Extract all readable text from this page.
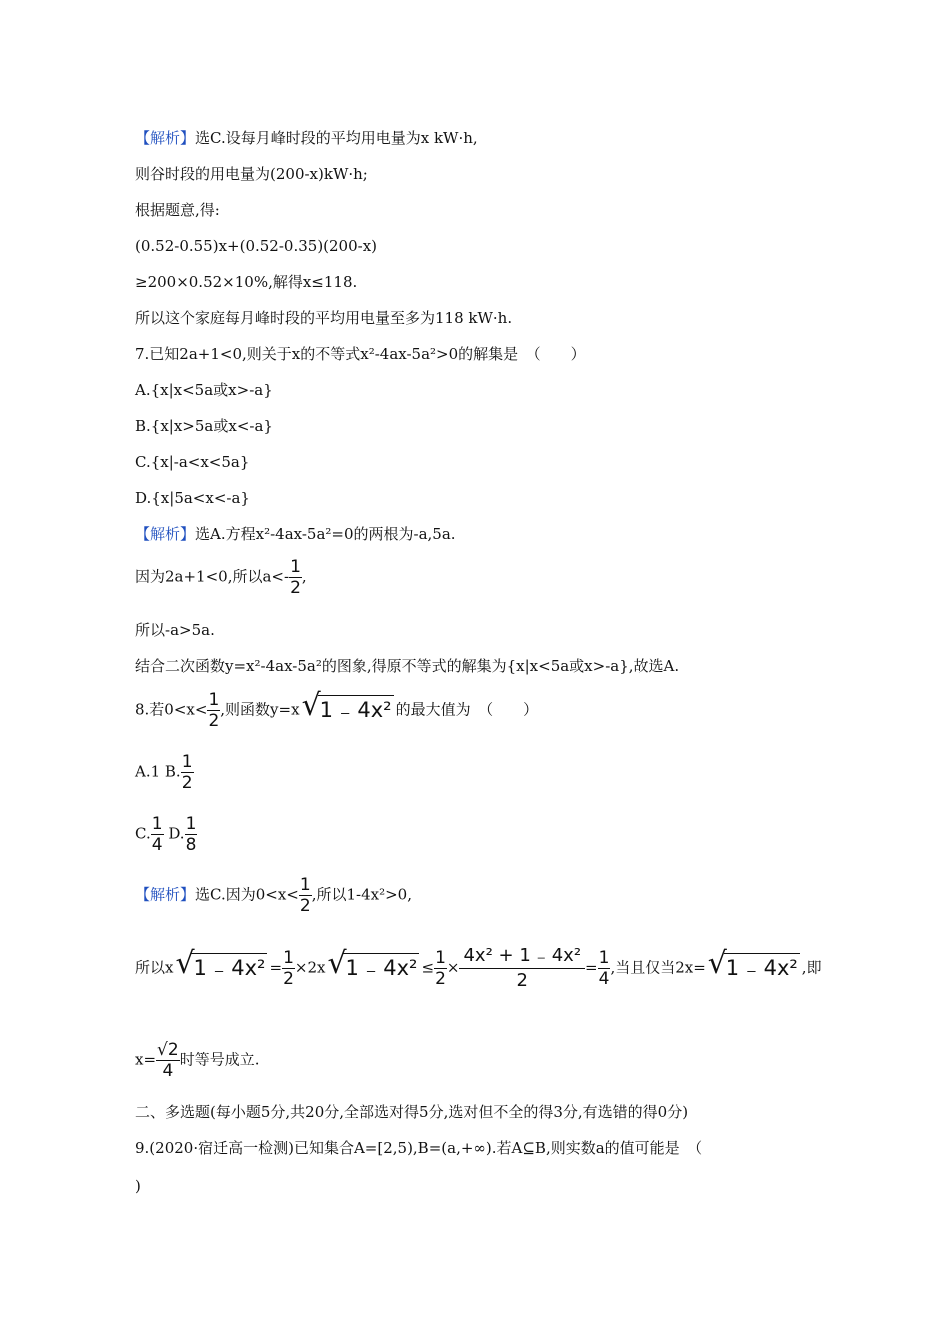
【解析】选C.设每月峰时段的平均用电量为x kW·h,
则谷时段的用电量为(200-x)kW·h;
根据题意,得:
(0.52-0.55)x+(0.52-0.35)(200-x)
≥200×0.52×10%,解得x≤118.
所以这个家庭每月峰时段的平均用电量至多为118 kW·h.
7.已知2a+1<0,则关于x的不等式x²-4ax-5a²>0的解集是　（　　）
A.{x|x<5a或x>-a}
B.{x|x>5a或x<-a}
C.{x|-a<x<5a}
D.{x|5a<x<-a}
【解析】选A.方程x²-4ax-5a²=0的两根为-a,5a.
因为2a+1<0,所以$a<- \frac{1}{2}$ ,
所以-a>5a.
结合二次函数y=x²-4ax-5a²的图象,得原不等式的解集为{x|x<5a或x>-a},故选A.
8.若$0<x< \frac{1}{2}$ ,则函数y=x √
1 ₋ 4x² 的最大值为　（　　）
A.1 B. $\frac{1}{2}$
C. $\frac{1}{4} D$. $\frac{1}{8}$
【解析】选C.因为$0<x< \frac{1}{2}$ ,所以1-4x²>0,
所以x √
1 ₋ $4x^2 = \frac{1}{2} \times 2x$ √
1 ₋ $4x^2 \le \frac{1}{2} \times \frac{\text{4x² + 1 ₋ 4x²}}{2} = \frac{1}{4}$ ,当且仅当2x= √
1 ₋ 4x² ,即
$x= \frac{√2}{4}$ 时等号成立.
二、多选题(每小题5分,共20分,全部选对得5分,选对但不全的得3分,有选错的得0分)
9.(2020·宿迁高一检测)已知集合A=[2,5),B=(a,+∞).若A⊆B,则实数a的值可能是　（
)
